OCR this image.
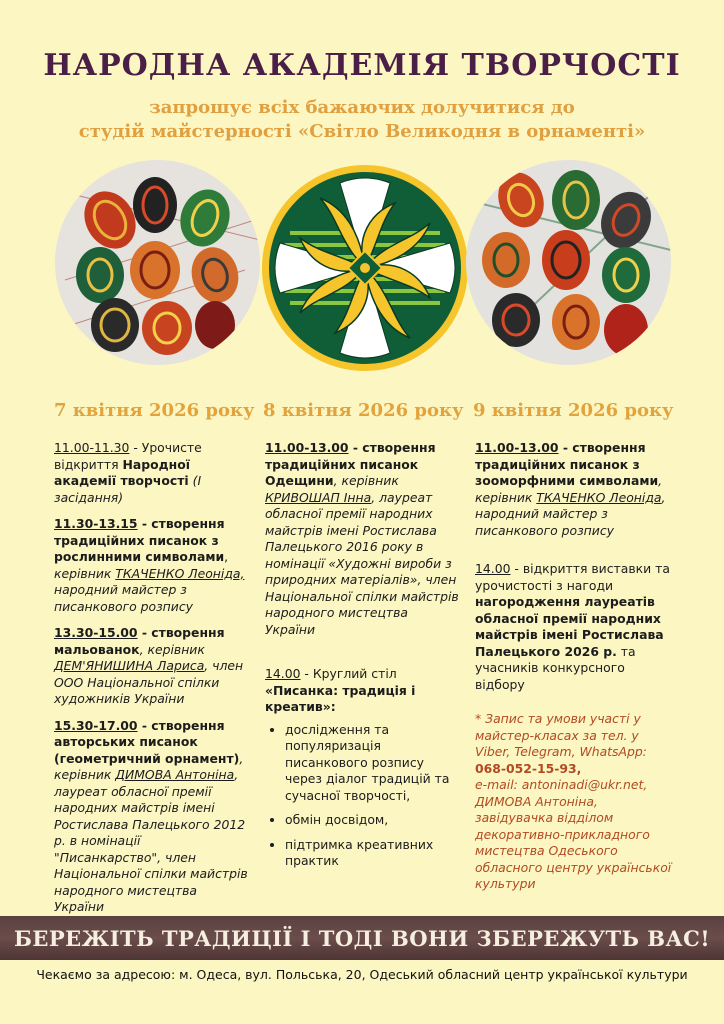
НАРОДНА АКАДЕМІЯ ТВОРЧОСТІ
запрошує всіх бажаючих долучитися до
студій майстерності «Світло Великодня в орнаменті»
7 квітня 2026 року 8 квітня 2026 року 9 квітня 2026 року

11.00-11.30 - Урочисте відкриття Народної академії творчості (І засідання)

11.30-13.15 - створення традиційних писанок з рослинними символами, керівник ТКАЧЕНКО Леоніда, народний майстер з писанкового розпису

13.30-15.00 - створення мальованок, керівник ДЕМ'ЯНИШИНА Лариса, член ООО Національної спілки художників України

15.30-17.00 - створення авторських писанок (геометричний орнамент), керівник ДИМОВА Антоніна, лауреат обласної премії народних майстрів імені Ростислава Палецького 2012 р. в номінації "Писанкарство", член Національної спілки майстрів народного мистецтва України

11.00-13.00 - створення традиційних писанок Одещини, керівник КРИВОШАП Інна, лауреат обласної премії народних майстрів імені Ростислава Палецького 2016 року в номінації «Художні вироби з природних матеріалів», член Національної спілки майстрів народного мистецтва України

14.00 - Круглий стіл
«Писанка: традиція і креатив»:

• дослідження та популяризація писанкового розпису через діалог традицій та сучасної творчості,
• обмін досвідом,
• підтримка креативних практик

11.00-13.00 - створення традиційних писанок з зооморфними символами, керівник ТКАЧЕНКО Леоніда, народний майстер з писанкового розпису

14.00 - відкриття виставки та урочистості з нагоди нагородження лауреатів обласної премії народних майстрів імені Ростислава Палецького 2026 р. та учасників конкурсного відбору

* Запис та умови участі у майстер-класах за тел. у Viber, Telegram, WhatsApp:
068-052-15-93,
e-mail: antoninadi@ukr.net,
ДИМОВА Антоніна, завідувачка відділом декоративно-прикладного мистецтва Одеського обласного центру української культури
БЕРЕЖІТЬ ТРАДИЦІЇ І ТОДІ ВОНИ ЗБЕРЕЖУТЬ ВАС!
Чекаємо за адресою: м. Одеса, вул. Польська, 20, Одеський обласний центр української культури
